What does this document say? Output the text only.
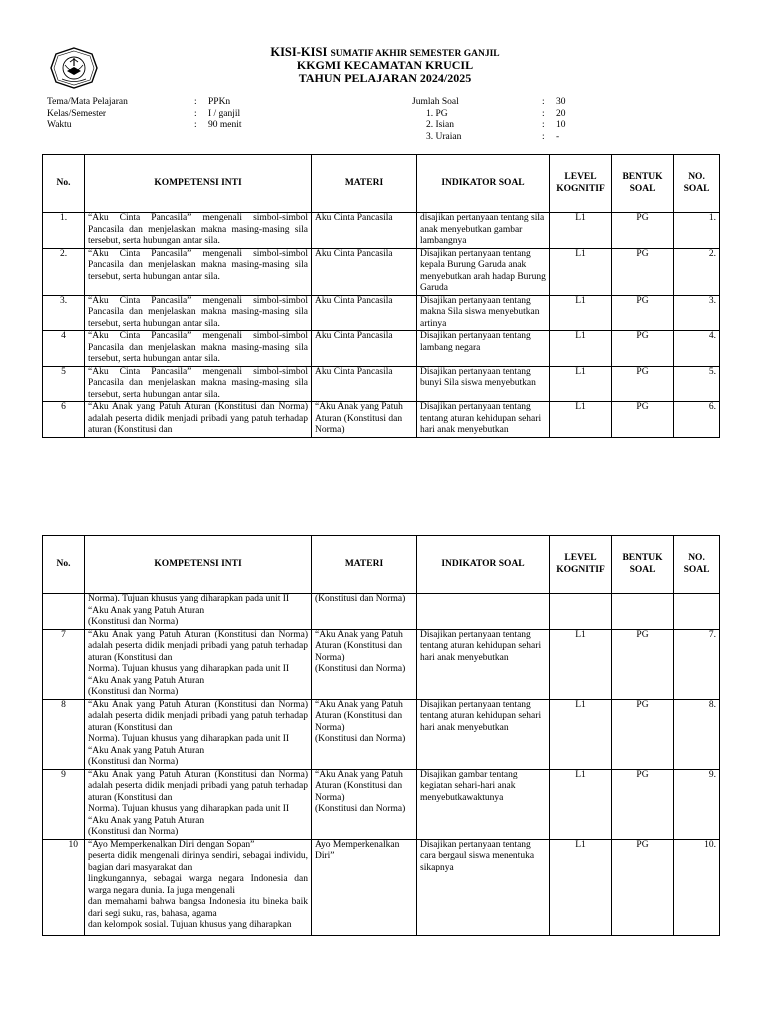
KISI-KISI SUMATIF AKHIR SEMESTER GANJIL
KKGMI KECAMATAN KRUCIL
TAHUN PELAJARAN 2024/2025
Tema/Mata Pelajaran	: PPKn
Kelas/Semester	: I / ganjil
Waktu	: 90 menit
Jumlah Soal	: 30
1. PG	: 20
2. Isian	: 10
3. Uraian	: -
No.	KOMPETENSI INTI	MATERI	INDIKATOR SOAL	LEVEL KOGNITIF	BENTUK SOAL	NO. SOAL
1.	“Aku Cinta Pancasila” mengenali simbol-simbol Pancasila dan menjelaskan makna masing-masing sila tersebut, serta hubungan antar sila.	Aku Cinta Pancasila	disajikan pertanyaan tentang sila anak menyebutkan gambar lambangnya	L1	PG	1.
2.	“Aku Cinta Pancasila” mengenali simbol-simbol Pancasila dan menjelaskan makna masing-masing sila tersebut, serta hubungan antar sila.	Aku Cinta Pancasila	Disajikan pertanyaan tentang kepala Burung Garuda anak menyebutkan arah hadap Burung Garuda	L1	PG	2.
3.	“Aku Cinta Pancasila” mengenali simbol-simbol Pancasila dan menjelaskan makna masing-masing sila tersebut, serta hubungan antar sila.	Aku Cinta Pancasila	Disajikan pertanyaan tentang makna Sila siswa menyebutkan artinya	L1	PG	3.
4	“Aku Cinta Pancasila” mengenali simbol-simbol Pancasila dan menjelaskan makna masing-masing sila tersebut, serta hubungan antar sila.	Aku Cinta Pancasila	Disajikan pertanyaan tentang lambang negara	L1	PG	4.
5	“Aku Cinta Pancasila” mengenali simbol-simbol Pancasila dan menjelaskan makna masing-masing sila tersebut, serta hubungan antar sila.	Aku Cinta Pancasila	Disajikan pertanyaan tentang bunyi Sila siswa menyebutkan	L1	PG	5.
6	“Aku Anak yang Patuh Aturan (Konstitusi dan Norma) adalah peserta didik menjadi pribadi yang patuh terhadap aturan (Konstitusi dan	“Aku Anak yang Patuh Aturan (Konstitusi dan Norma)	Disajikan pertanyaan tentang tentang aturan kehidupan sehari hari anak menyebutkan	L1	PG	6.
No.	KOMPETENSI INTI	MATERI	INDIKATOR SOAL	LEVEL KOGNITIF	BENTUK SOAL	NO. SOAL

	Norma). Tujuan khusus yang diharapkan pada unit II
“Aku Anak yang Patuh Aturan
(Konstitusi dan Norma)	(Konstitusi dan Norma)				

7	“Aku Anak yang Patuh Aturan (Konstitusi dan Norma) adalah peserta didik menjadi pribadi yang patuh terhadap aturan (Konstitusi dan
Norma). Tujuan khusus yang diharapkan pada unit II
“Aku Anak yang Patuh Aturan
(Konstitusi dan Norma)	“Aku Anak yang Patuh Aturan (Konstitusi dan Norma)
(Konstitusi dan Norma)	Disajikan pertanyaan tentang tentang aturan kehidupan sehari hari anak menyebutkan	L1	PG	7.
8	“Aku Anak yang Patuh Aturan (Konstitusi dan Norma) adalah peserta didik menjadi pribadi yang patuh terhadap aturan (Konstitusi dan
Norma). Tujuan khusus yang diharapkan pada unit II
“Aku Anak yang Patuh Aturan
(Konstitusi dan Norma)	“Aku Anak yang Patuh Aturan (Konstitusi dan Norma)
(Konstitusi dan Norma)	Disajikan pertanyaan tentang tentang aturan kehidupan sehari hari anak menyebutkan	L1	PG	8.
9	“Aku Anak yang Patuh Aturan (Konstitusi dan Norma) adalah peserta didik menjadi pribadi yang patuh terhadap aturan (Konstitusi dan
Norma). Tujuan khusus yang diharapkan pada unit II
“Aku Anak yang Patuh Aturan
(Konstitusi dan Norma)	“Aku Anak yang Patuh Aturan (Konstitusi dan Norma)
(Konstitusi dan Norma)	Disajikan gambar tentang kegiatan sehari-hari anak menyebutkawaktunya	L1	PG	9.
10	“Ayo Memperkenalkan Diri dengan Sopan”
peserta didik mengenali dirinya sendiri, sebagai individu, bagian dari masyarakat dan
lingkungannya, sebagai warga negara Indonesia dan warga negara dunia. Ia juga mengenali
dan memahami bahwa bangsa Indonesia itu bineka baik dari segi suku, ras, bahasa, agama
dan kelompok sosial. Tujuan khusus yang diharapkan	Ayo Memperkenalkan Diri”	Disajikan pertanyaan tentang cara bergaul siswa menentuka sikapnya	L1	PG	10.
